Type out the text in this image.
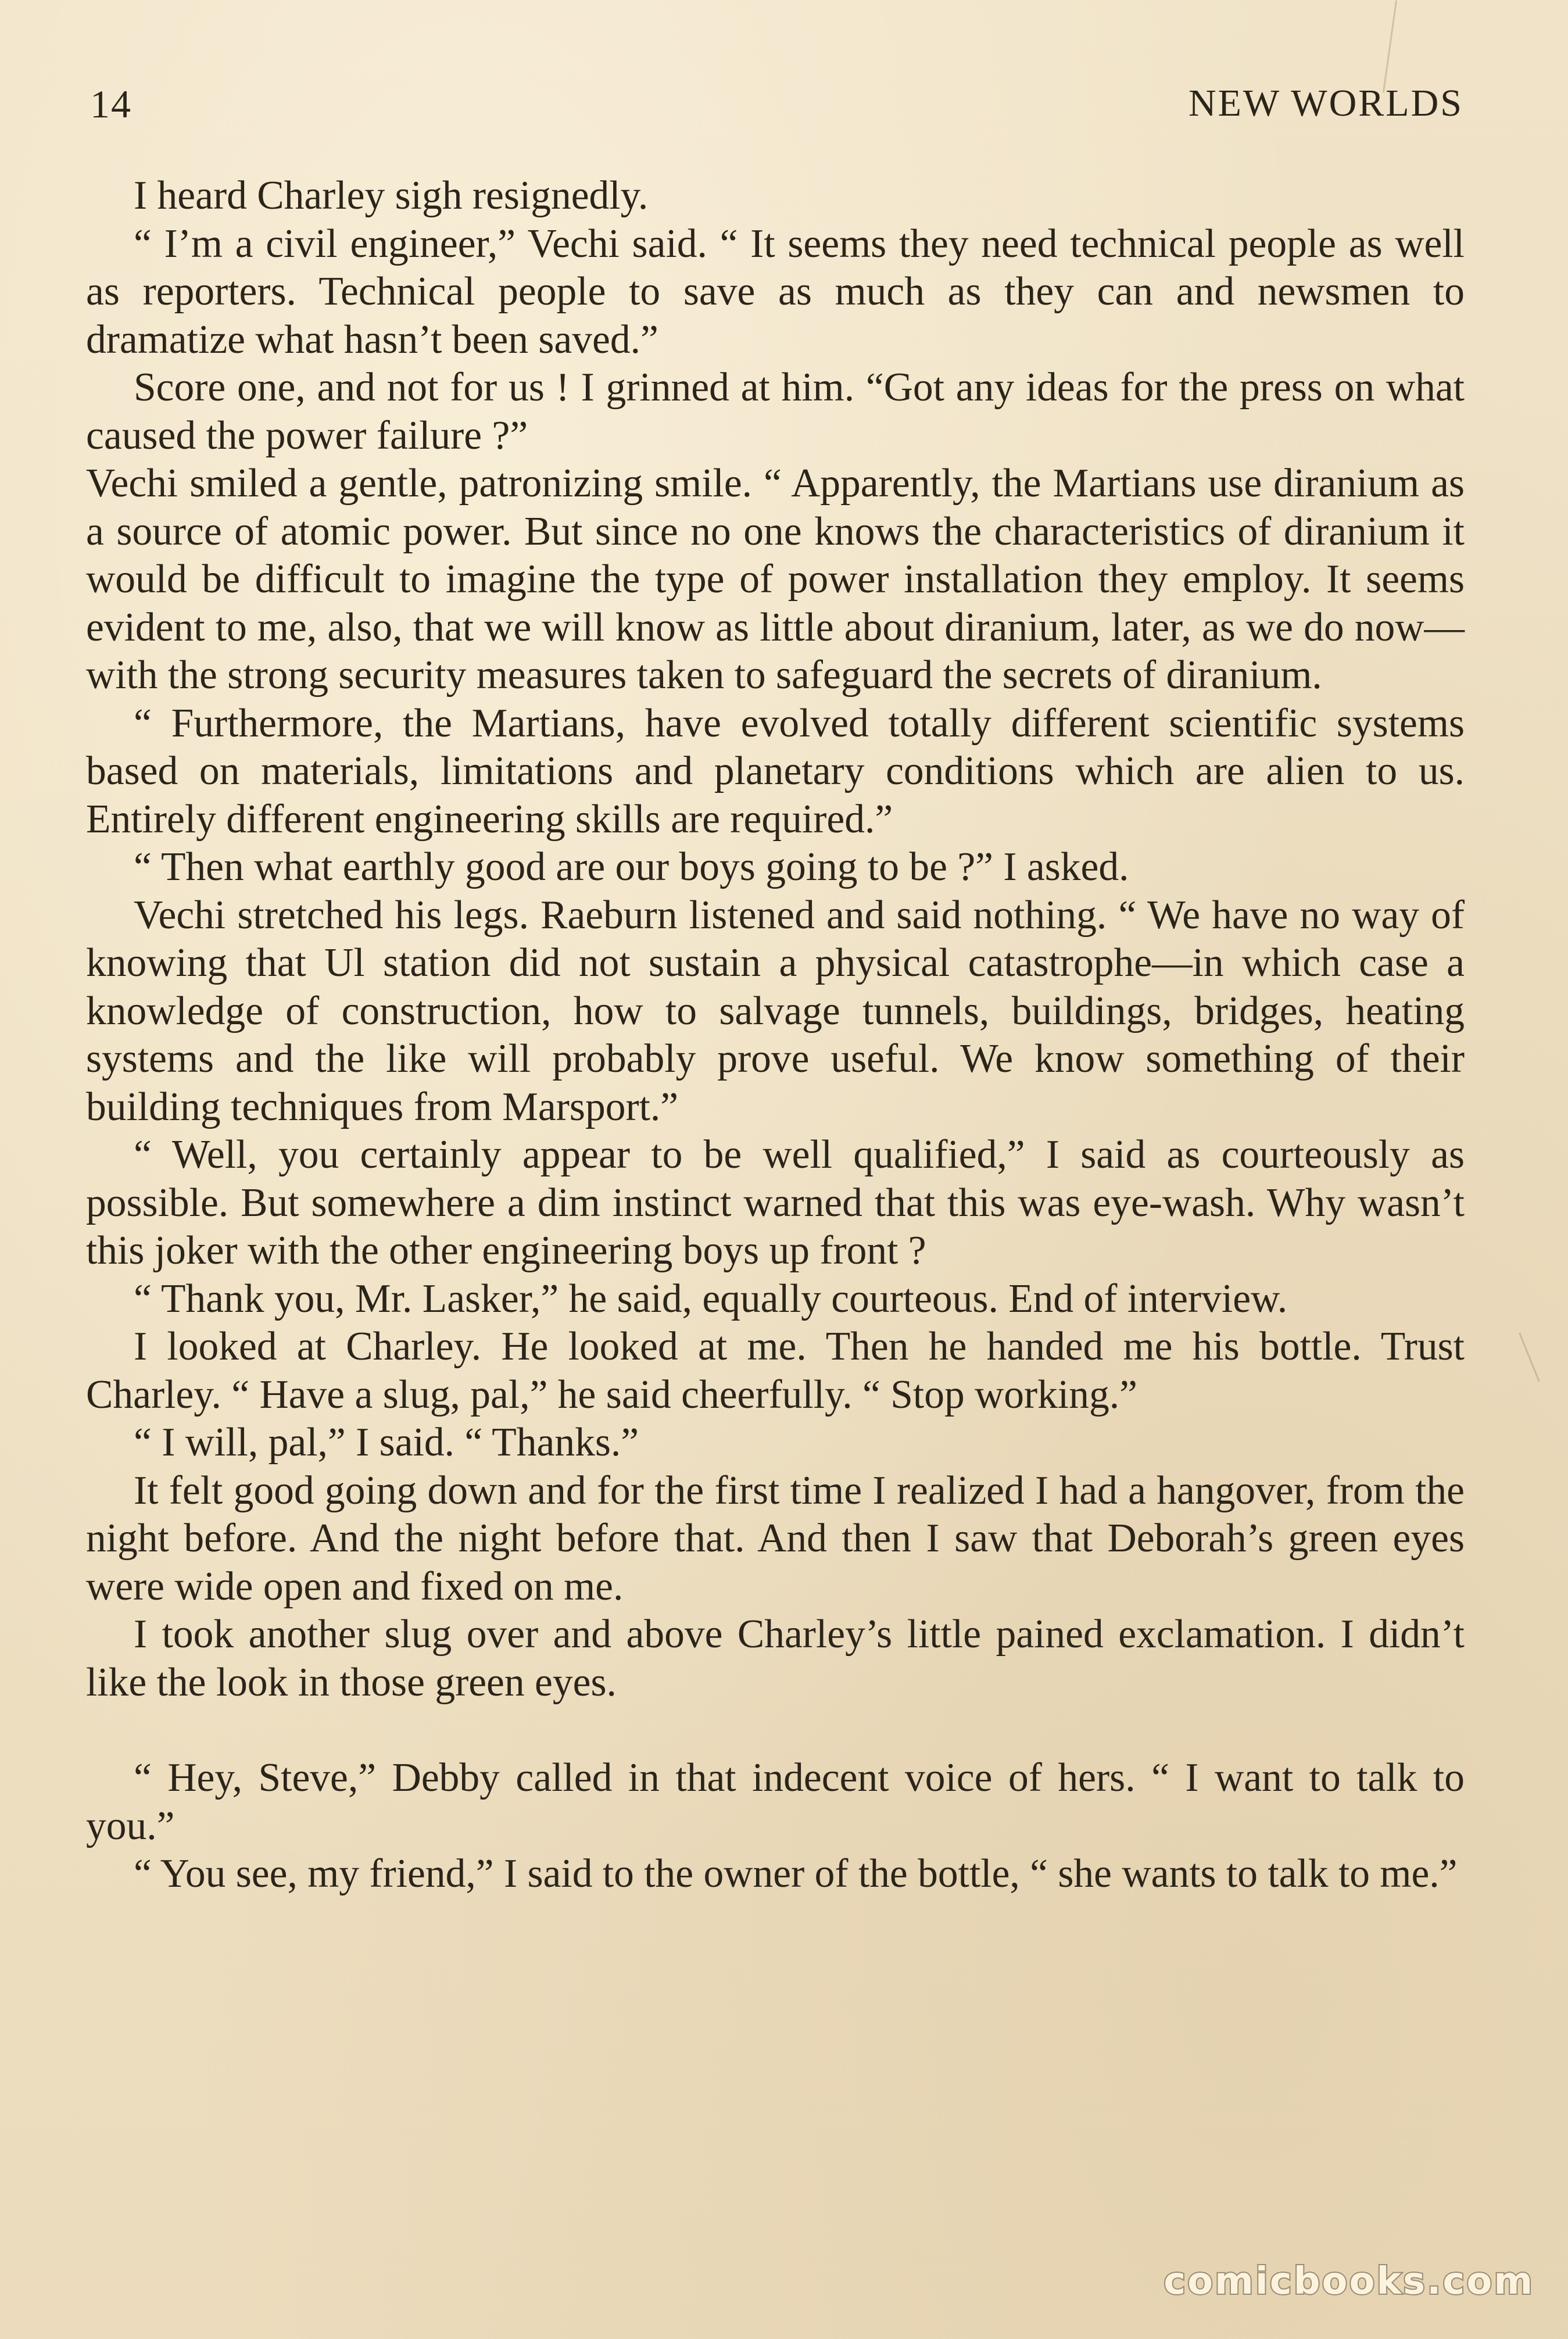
14	NEW WORLDS

I heard Charley sigh resignedly.

“ I’m a civil engineer,” Vechi said. “ It seems they need technical people as well as reporters. Technical people to save as much as they can and newsmen to dramatize what hasn’t been saved.”

Score one, and not for us ! I grinned at him. “Got any ideas for the press on what caused the power failure ?”

Vechi smiled a gentle, patronizing smile. “ Apparently, the Martians use diranium as a source of atomic power. But since no one knows the characteristics of diranium it would be difficult to imagine the type of power installation they employ. It seems evident to me, also, that we will know as little about diranium, later, as we do now—with the strong security measures taken to safeguard the secrets of diranium.

“ Furthermore, the Martians, have evolved totally different scientific systems based on materials, limitations and planetary conditions which are alien to us. Entirely different engineering skills are required.”

“ Then what earthly good are our boys going to be ?” I asked.

Vechi stretched his legs. Raeburn listened and said nothing. “ We have no way of knowing that Ul station did not sustain a physical catastrophe—in which case a knowledge of construction, how to salvage tunnels, buildings, bridges, heating systems and the like will probably prove useful. We know something of their building techniques from Marsport.”

“ Well, you certainly appear to be well qualified,” I said as courteously as possible. But somewhere a dim instinct warned that this was eye-wash. Why wasn’t this joker with the other engineering boys up front ?

“ Thank you, Mr. Lasker,” he said, equally courteous. End of interview.

I looked at Charley. He looked at me. Then he handed me his bottle. Trust Charley. “ Have a slug, pal,” he said cheerfully. “ Stop working.”

“ I will, pal,” I said. “ Thanks.”

It felt good going down and for the first time I realized I had a hangover, from the night before. And the night before that. And then I saw that Deborah’s green eyes were wide open and fixed on me.

I took another slug over and above Charley’s little pained exclamation. I didn’t like the look in those green eyes.

“ Hey, Steve,” Debby called in that indecent voice of hers. “ I want to talk to you.”

“ You see, my friend,” I said to the owner of the bottle, “ she wants to talk to me.”

comicbooks.com
